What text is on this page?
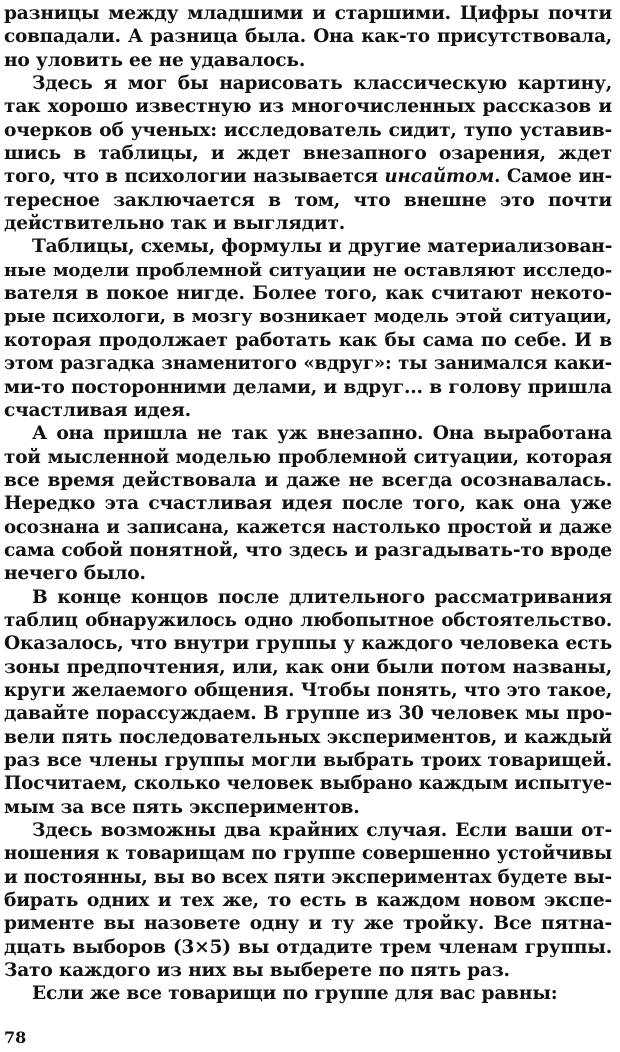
разницы между младшими и старшими. Цифры почти
совпадали. А разница была. Она как-то присутствовала,
но уловить ее не удавалось.
Здесь я мог бы нарисовать классическую картину,
так хорошо известную из многочисленных рассказов и
очерков об ученых: исследователь сидит, тупо уставив-
шись в таблицы, и ждет внезапного озарения, ждет
того, что в психологии называется инсайтом. Самое ин-
тересное заключается в том, что внешне это почти
действительно так и выглядит.
Таблицы, схемы, формулы и другие материализован-
ные модели проблемной ситуации не оставляют исследо-
вателя в покое нигде. Более того, как считают некото-
рые психологи, в мозгу возникает модель этой ситуации,
которая продолжает работать как бы сама по себе. И в
этом разгадка знаменитого «вдруг»: ты занимался каки-
ми-то посторонними делами, и вдруг... в голову пришла
счастливая идея.
А она пришла не так уж внезапно. Она выработана
той мысленной моделью проблемной ситуации, которая
все время действовала и даже не всегда осознавалась.
Нередко эта счастливая идея после того, как она уже
осознана и записана, кажется настолько простой и даже
сама собой понятной, что здесь и разгадывать-то вроде
нечего было.
В конце концов после длительного рассматривания
таблиц обнаружилось одно любопытное обстоятельство.
Оказалось, что внутри группы у каждого человека есть
зоны предпочтения, или, как они были потом названы,
круги желаемого общения. Чтобы понять, что это такое,
давайте порассуждаем. В группе из 30 человек мы про-
вели пять последовательных экспериментов, и каждый
раз все члены группы могли выбрать троих товарищей.
Посчитаем, сколько человек выбрано каждым испытуе-
мым за все пять экспериментов.
Здесь возможны два крайних случая. Если ваши от-
ношения к товарищам по группе совершенно устойчивы
и постоянны, вы во всех пяти экспериментах будете вы-
бирать одних и тех же, то есть в каждом новом экспе-
рименте вы назовете одну и ту же тройку. Все пятна-
дцать выборов (3×5) вы отдадите трем членам группы.
Зато каждого из них вы выберете по пять раз.
Если же все товарищи по группе для вас равны:
78
